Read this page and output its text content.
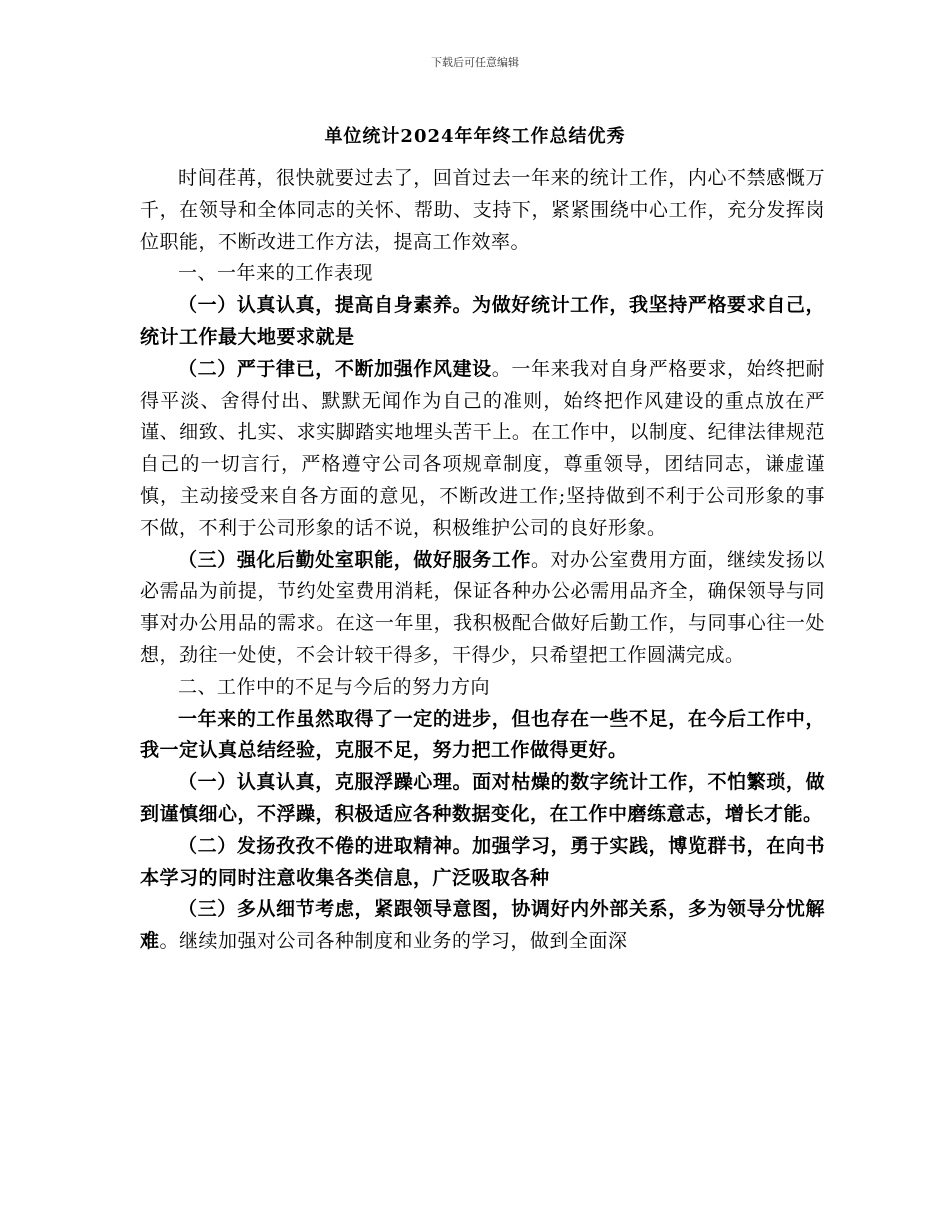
下载后可任意编辑
单位统计2024年年终工作总结优秀

时间荏苒，很快就要过去了，回首过去一年来的统计工作，内心不禁感慨万千，在领导和全体同志的关怀、帮助、支持下，紧紧围绕中心工作，充分发挥岗位职能，不断改进工作方法，提高工作效率。

一、一年来的工作表现

（一）认真认真，提高自身素养。为做好统计工作，我坚持严格要求自己，统计工作最大地要求就是

（二）严于律已，不断加强作风建设。一年来我对自身严格要求，始终把耐得平淡、舍得付出、默默无闻作为自己的准则，始终把作风建设的重点放在严谨、细致、扎实、求实脚踏实地埋头苦干上。在工作中，以制度、纪律法律规范自己的一切言行，严格遵守公司各项规章制度，尊重领导，团结同志，谦虚谨慎，主动接受来自各方面的意见，不断改进工作;坚持做到不利于公司形象的事不做，不利于公司形象的话不说，积极维护公司的良好形象。

（三）强化后勤处室职能，做好服务工作。对办公室费用方面，继续发扬以必需品为前提，节约处室费用消耗，保证各种办公必需用品齐全，确保领导与同事对办公用品的需求。在这一年里，我积极配合做好后勤工作，与同事心往一处想，劲往一处使，不会计较干得多，干得少，只希望把工作圆满完成。

二、工作中的不足与今后的努力方向

一年来的工作虽然取得了一定的进步，但也存在一些不足，在今后工作中，我一定认真总结经验，克服不足，努力把工作做得更好。

（一）认真认真，克服浮躁心理。面对枯燥的数字统计工作，不怕繁琐，做到谨慎细心，不浮躁，积极适应各种数据变化，在工作中磨练意志，增长才能。

（二）发扬孜孜不倦的进取精神。加强学习，勇于实践，博览群书，在向书本学习的同时注意收集各类信息，广泛吸取各种

（三）多从细节考虑，紧跟领导意图，协调好内外部关系，多为领导分忧解难。继续加强对公司各种制度和业务的学习，做到全面深
